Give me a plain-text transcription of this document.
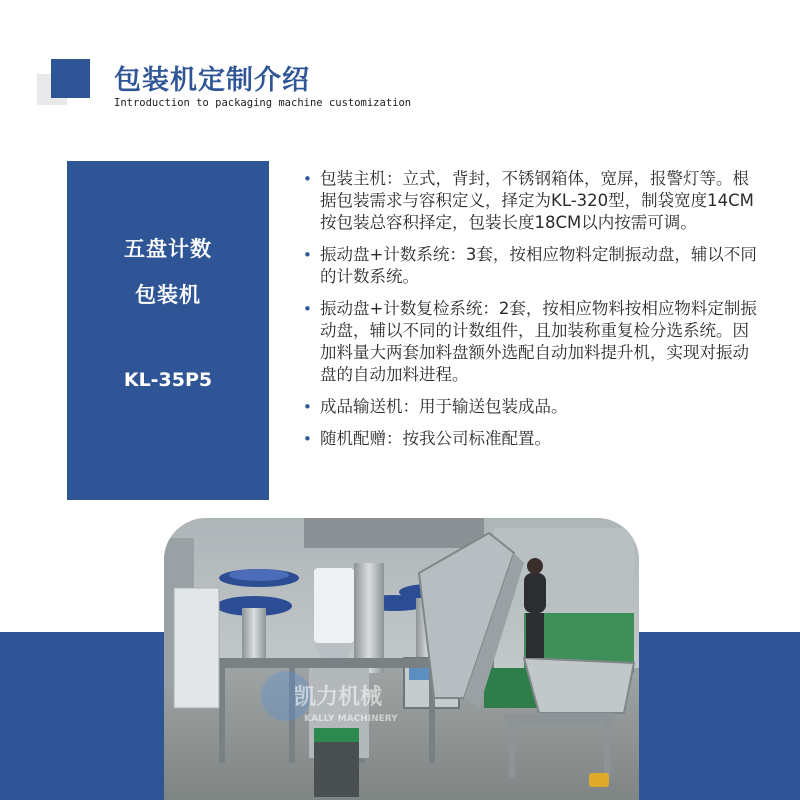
包装机定制介绍
Introduction to packaging machine customization
五盘计数
包装机
KL-35P5
• 包装主机：立式，背封，不锈钢箱体，宽屏，报警灯等。根据包装需求与容积定义，择定为KL-320型，制袋宽度14CM按包装总容积择定，包装长度18CM以内按需可调。
• 振动盘+计数系统：3套，按相应物料定制振动盘，辅以不同的计数系统。
• 振动盘+计数复检系统：2套，按相应物料按相应物料定制振动盘，辅以不同的计数组件，且加装称重复检分选系统。因加料量大两套加料盘额外选配自动加料提升机，实现对振动盘的自动加料进程。
• 成品输送机：用于输送包装成品。
• 随机配赠：按我公司标准配置。
凯力机械
KALLY MACHINERY
